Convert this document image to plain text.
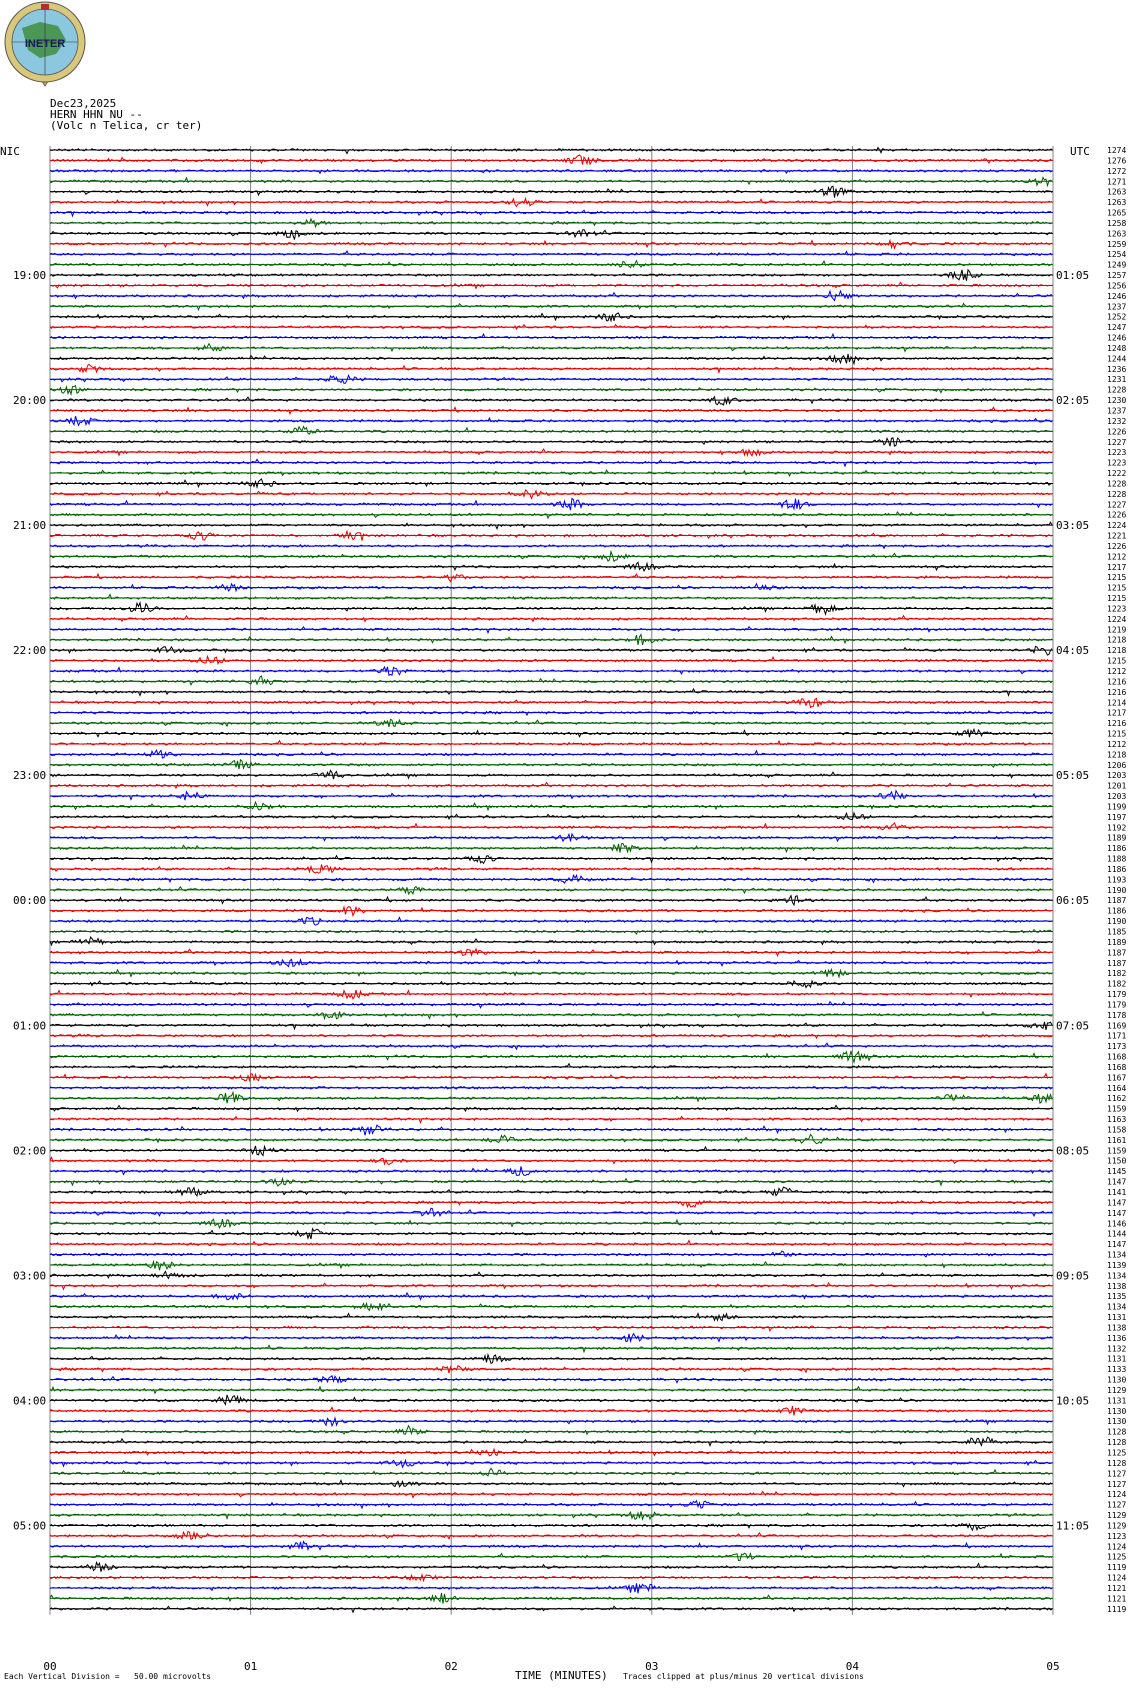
INETER
Dec23,2025
HERN HHN NU --
(Volc n Telica, cr ter)
NIC	UTC
00	01	02	03	04	05
1274
1276
1272
1271
1263
1263
1265
1258
1263
1259
1254
1249
1257
1256
1246
1237
1252
1247
1246
1248
1244
1236
1231
1228
1230
1237
1232
1226
1227
1223
1223
1222
1228
1228
1227
1226
1224
1221
1226
1212
1217
1215
1215
1215
1223
1224
1219
1218
1218
1215
1212
1216
1216
1214
1217
1216
1215
1212
1218
1206
1203
1201
1203
1199
1197
1192
1189
1186
1188
1186
1193
1190
1187
1186
1190
1185
1189
1187
1187
1182
1182
1179
1179
1178
1169
1171
1173
1168
1168
1167
1164
1162
1159
1163
1158
1161
1159
1150
1145
1147
1141
1147
1147
1146
1144
1147
1134
1139
1134
1138
1135
1134
1131
1138
1136
1132
1131
1133
1130
1129
1131
1130
1130
1128
1128
1125
1128
1127
1127
1124
1127
1129
1129
1123
1124
1125
1119
1124
1121
1121
1119
19:00	01:05
20:00	02:05
21:00	03:05
22:00	04:05
23:00	05:05
00:00	06:05
01:00	07:05
02:00	08:05
03:00	09:05
04:00	10:05
05:00	11:05
Each Vertical Division =   50.00 microvolts	TIME (MINUTES) Traces clipped at plus/minus 20 vertical divisions
